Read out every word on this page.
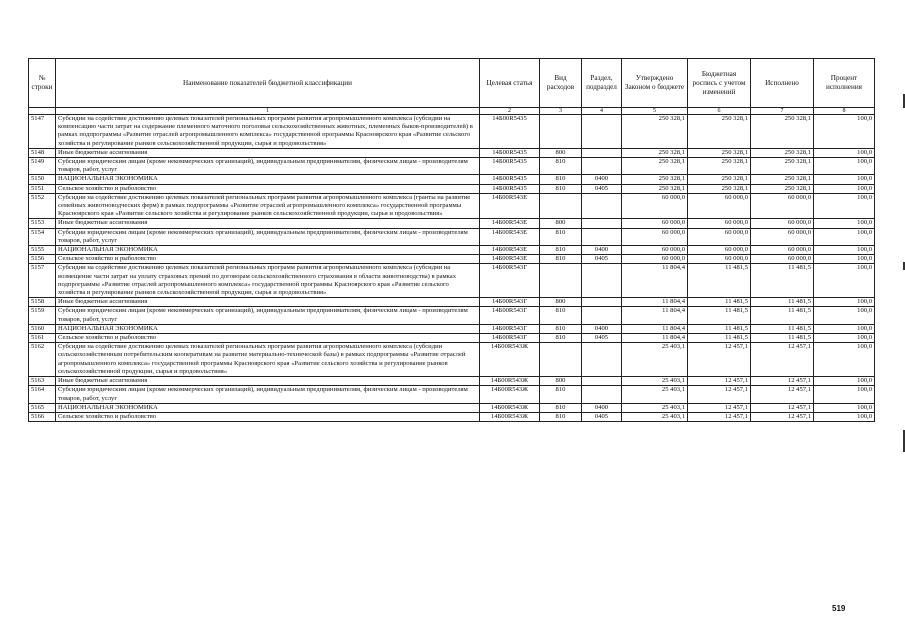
№ строки	Наименование показателей бюджетной классификации	Целевая статья	Вид расходов	Раздел, подраздел	Утверждено Законом о бюджете	Бюджетная роспись с учетом изменений	Исполнено	Процент исполнения
	1	2	3	4	5	6	7	8
5147	Субсидии на содействие достижению целевых показателей региональных программ развития агропромышленного комплекса (субсидии на компенсацию части затрат на содержание племенного маточного поголовья сельскохозяйственных животных, племенных быков-производителей) в рамках подпрограммы «Развитие отраслей агропромышленного комплекса» государственной программы Красноярского края «Развитие сельского хозяйства и регулирование рынков сельскохозяйственной продукции, сырья и продовольствия»	14Б00R5435			250 328,1	250 328,1	250 328,1	100,0
5148	Иные бюджетные ассигнования	14Б00R5435	800		250 328,1	250 328,1	250 328,1	100,0
5149	Субсидии юридическим лицам (кроме некоммерческих организаций), индивидуальным предпринимателям, физическим лицам - производителям товаров, работ, услуг	14Б00R5435	810		250 328,1	250 328,1	250 328,1	100,0
5150	НАЦИОНАЛЬНАЯ ЭКОНОМИКА	14Б00R5435	810	0400	250 328,1	250 328,1	250 328,1	100,0
5151	Сельское хозяйство и рыболовство	14Б00R5435	810	0405	250 328,1	250 328,1	250 328,1	100,0
5152	Субсидии на содействие достижению целевых показателей региональных программ развития агропромышленного комплекса (гранты на развитие семейных животноводческих ферм) в рамках подпрограммы «Развитие отраслей агропромышленного комплекса» государственной программы Красноярского края «Развитие сельского хозяйства и регулирование рынков сельскохозяйственной продукции, сырья и продовольствия»	14Б00R543Е			60 000,0	60 000,0	60 000,0	100,0
5153	Иные бюджетные ассигнования	14Б00R543Е	800		60 000,0	60 000,0	60 000,0	100,0
5154	Субсидии юридическим лицам (кроме некоммерческих организаций), индивидуальным предпринимателям, физическим лицам - производителям товаров, работ, услуг	14Б00R543Е	810		60 000,0	60 000,0	60 000,0	100,0
5155	НАЦИОНАЛЬНАЯ ЭКОНОМИКА	14Б00R543Е	810	0400	60 000,0	60 000,0	60 000,0	100,0
5156	Сельское хозяйство и рыболовство	14Б00R543Е	810	0405	60 000,0	60 000,0	60 000,0	100,0
5157	Субсидии на содействие достижению целевых показателей региональных программ развития агропромышленного комплекса (субсидии на возмещение части затрат на уплату страховых премий по договорам сельскохозяйственного страхования в области животноводства) в рамках подпрограммы «Развитие отраслей агропромышленного комплекса» государственной программы Красноярского края «Развитие сельского хозяйства и регулирование рынков сельскохозяйственной продукции, сырья и продовольствия»	14Б00R543Г			11 804,4	11 481,5	11 481,5	100,0
5158	Иные бюджетные ассигнования	14Б00R543Г	800		11 804,4	11 481,5	11 481,5	100,0
5159	Субсидии юридическим лицам (кроме некоммерческих организаций), индивидуальным предпринимателям, физическим лицам - производителям товаров, работ, услуг	14Б00R543Г	810		11 804,4	11 481,5	11 481,5	100,0
5160	НАЦИОНАЛЬНАЯ ЭКОНОМИКА	14Б00R543Г	810	0400	11 804,4	11 481,5	11 481,5	100,0
5161	Сельское хозяйство и рыболовство	14Б00R543Г	810	0405	11 804,4	11 481,5	11 481,5	100,0
5162	Субсидии на содействие достижению целевых показателей региональных программ развития агропромышленного комплекса (субсидии сельскохозяйственным потребительским кооперативам на развитие материально-технической базы) в рамках подпрограммы «Развитие отраслей агропромышленного комплекса» государственной программы Красноярского края «Развитие сельского хозяйства и регулирование рынков сельскохозяйственной продукции, сырья и продовольствия»	14Б00R543Ж			25 403,1	12 457,1	12 457,1	100,0
5163	Иные бюджетные ассигнования	14Б00R543Ж	800		25 403,1	12 457,1	12 457,1	100,0
5164	Субсидии юридическим лицам (кроме некоммерческих организаций), индивидуальным предпринимателям, физическим лицам - производителям товаров, работ, услуг	14Б00R543Ж	810		25 403,1	12 457,1	12 457,1	100,0
5165	НАЦИОНАЛЬНАЯ ЭКОНОМИКА	14Б00R543Ж	810	0400	25 403,1	12 457,1	12 457,1	100,0
5166	Сельское хозяйство и рыболовство	14Б00R543Ж	810	0405	25 403,1	12 457,1	12 457,1	100,0
519
